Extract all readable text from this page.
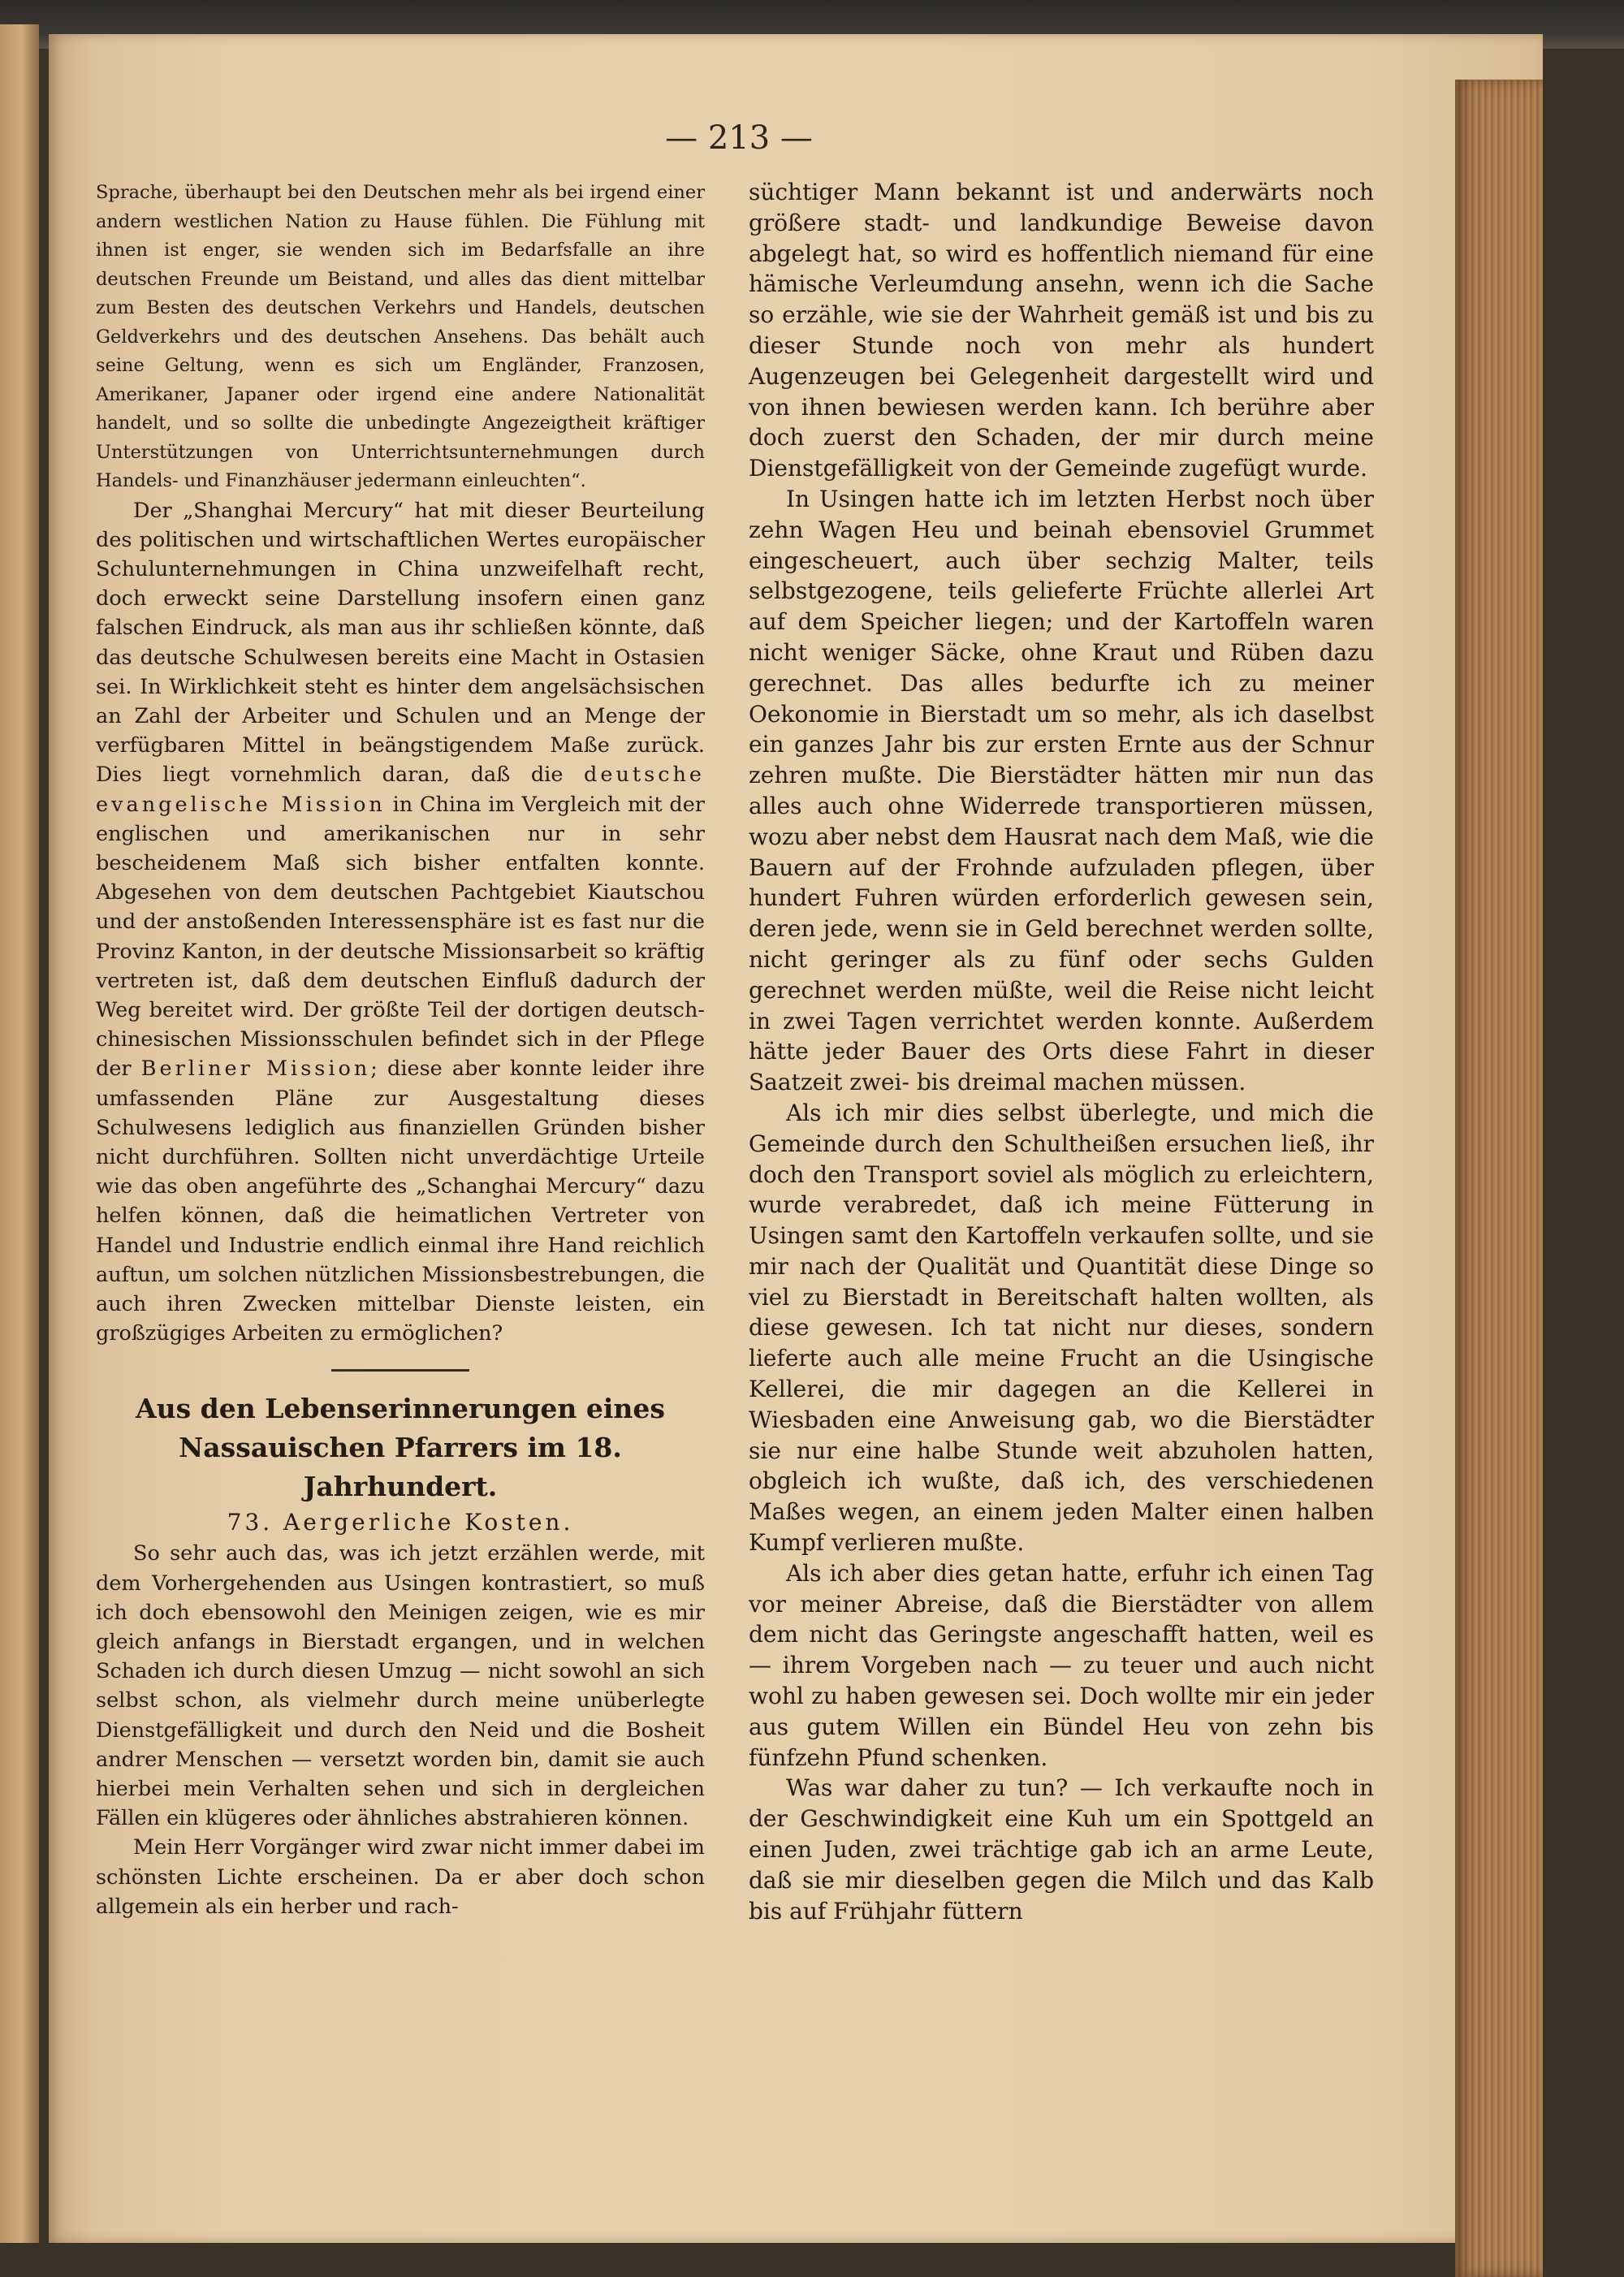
— 213 —

Sprache, überhaupt bei den Deutschen mehr als bei irgend einer andern westlichen Nation zu Hause fühlen. Die Fühlung mit ihnen ist enger, sie wenden sich im Bedarfsfalle an ihre deutschen Freunde um Beistand, und alles das dient mittelbar zum Besten des deutschen Verkehrs und Handels, deutschen Geldverkehrs und des deutschen Ansehens. Das behält auch seine Geltung, wenn es sich um Engländer, Franzosen, Amerikaner, Japaner oder irgend eine andere Nationalität handelt, und so sollte die unbedingte Angezeigtheit kräftiger Unterstützungen von Unterrichtsunternehmungen durch Handels- und Finanzhäuser jedermann einleuchten“.

Der „Shanghai Mercury“ hat mit dieser Beurteilung des politischen und wirtschaftlichen Wertes europäischer Schulunternehmungen in China unzweifelhaft recht, doch erweckt seine Darstellung insofern einen ganz falschen Eindruck, als man aus ihr schließen könnte, daß das deutsche Schulwesen bereits eine Macht in Ostasien sei. In Wirklichkeit steht es hinter dem angelsächsischen an Zahl der Arbeiter und Schulen und an Menge der verfügbaren Mittel in beängstigendem Maße zurück. Dies liegt vornehmlich daran, daß die deutsche evangelische Mission in China im Vergleich mit der englischen und amerikanischen nur in sehr bescheidenem Maß sich bisher entfalten konnte. Abgesehen von dem deutschen Pachtgebiet Kiautschou und der anstoßenden Interessensphäre ist es fast nur die Provinz Kanton, in der deutsche Missionsarbeit so kräftig vertreten ist, daß dem deutschen Einfluß dadurch der Weg bereitet wird. Der größte Teil der dortigen deutsch-chinesischen Missionsschulen befindet sich in der Pflege der Berliner Mission; diese aber konnte leider ihre umfassenden Pläne zur Ausgestaltung dieses Schulwesens lediglich aus finanziellen Gründen bisher nicht durchführen. Sollten nicht unverdächtige Urteile wie das oben angeführte des „Schanghai Mercury“ dazu helfen können, daß die heimatlichen Vertreter von Handel und Industrie endlich einmal ihre Hand reichlich auftun, um solchen nützlichen Missionsbestrebungen, die auch ihren Zwecken mittelbar Dienste leisten, ein großzügiges Arbeiten zu ermöglichen?

Aus den Lebenserinnerungen eines

Nassauischen Pfarrers im 18. Jahrhundert.

73. Aergerliche Kosten.

So sehr auch das, was ich jetzt erzählen werde, mit dem Vorhergehenden aus Usingen kontrastiert, so muß ich doch ebensowohl den Meinigen zeigen, wie es mir gleich anfangs in Bierstadt ergangen, und in welchen Schaden ich durch diesen Umzug — nicht sowohl an sich selbst schon, als vielmehr durch meine unüberlegte Dienstgefälligkeit und durch den Neid und die Bosheit andrer Menschen — versetzt worden bin, damit sie auch hierbei mein Verhalten sehen und sich in dergleichen Fällen ein klügeres oder ähnliches abstrahieren können.

Mein Herr Vorgänger wird zwar nicht immer dabei im schönsten Lichte erscheinen. Da er aber doch schon allgemein als ein herber und rach-

süchtiger Mann bekannt ist und anderwärts noch größere stadt- und landkundige Beweise davon abgelegt hat, so wird es hoffentlich niemand für eine hämische Verleumdung ansehn, wenn ich die Sache so erzähle, wie sie der Wahrheit gemäß ist und bis zu dieser Stunde noch von mehr als hundert Augenzeugen bei Gelegenheit dargestellt wird und von ihnen bewiesen werden kann. Ich berühre aber doch zuerst den Schaden, der mir durch meine Dienstgefälligkeit von der Gemeinde zugefügt wurde.

In Usingen hatte ich im letzten Herbst noch über zehn Wagen Heu und beinah ebensoviel Grummet eingescheuert, auch über sechzig Malter, teils selbstgezogene, teils gelieferte Früchte allerlei Art auf dem Speicher liegen; und der Kartoffeln waren nicht weniger Säcke, ohne Kraut und Rüben dazu gerechnet. Das alles bedurfte ich zu meiner Oekonomie in Bierstadt um so mehr, als ich daselbst ein ganzes Jahr bis zur ersten Ernte aus der Schnur zehren mußte. Die Bierstädter hätten mir nun das alles auch ohne Widerrede transportieren müssen, wozu aber nebst dem Hausrat nach dem Maß, wie die Bauern auf der Frohnde aufzuladen pflegen, über hundert Fuhren würden erforderlich gewesen sein, deren jede, wenn sie in Geld berechnet werden sollte, nicht geringer als zu fünf oder sechs Gulden gerechnet werden müßte, weil die Reise nicht leicht in zwei Tagen verrichtet werden konnte. Außerdem hätte jeder Bauer des Orts diese Fahrt in dieser Saatzeit zwei- bis dreimal machen müssen.

Als ich mir dies selbst überlegte, und mich die Gemeinde durch den Schultheißen ersuchen ließ, ihr doch den Transport soviel als möglich zu erleichtern, wurde verabredet, daß ich meine Fütterung in Usingen samt den Kartoffeln verkaufen sollte, und sie mir nach der Qualität und Quantität diese Dinge so viel zu Bierstadt in Bereitschaft halten wollten, als diese gewesen. Ich tat nicht nur dieses, sondern lieferte auch alle meine Frucht an die Usingische Kellerei, die mir dagegen an die Kellerei in Wiesbaden eine Anweisung gab, wo die Bierstädter sie nur eine halbe Stunde weit abzuholen hatten, obgleich ich wußte, daß ich, des verschiedenen Maßes wegen, an einem jeden Malter einen halben Kumpf verlieren mußte.

Als ich aber dies getan hatte, erfuhr ich einen Tag vor meiner Abreise, daß die Bierstädter von allem dem nicht das Geringste angeschafft hatten, weil es — ihrem Vorgeben nach — zu teuer und auch nicht wohl zu haben gewesen sei. Doch wollte mir ein jeder aus gutem Willen ein Bündel Heu von zehn bis fünfzehn Pfund schenken.

Was war daher zu tun? — Ich verkaufte noch in der Geschwindigkeit eine Kuh um ein Spottgeld an einen Juden, zwei trächtige gab ich an arme Leute, daß sie mir dieselben gegen die Milch und das Kalb bis auf Frühjahr füttern
